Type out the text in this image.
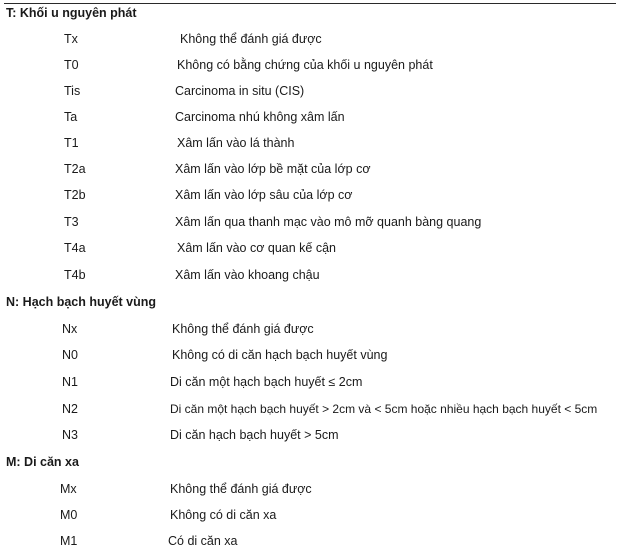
T: Khối u nguyên phát
Tx	Không thể đánh giá được
T0	Không có bằng chứng của khối u nguyên phát
Tis	Carcinoma in situ (CIS)
Ta	Carcinoma nhú không xâm lấn
T1	Xâm lấn vào lá thành
T2a	Xâm lấn vào lớp bề mặt của lớp cơ
T2b	Xâm lấn vào lớp sâu của lớp cơ
T3	Xâm lấn qua thanh mạc vào mô mỡ quanh bàng quang
T4a	Xâm lấn vào cơ quan kế cận
T4b	Xâm lấn vào khoang chậu
N: Hạch bạch huyết vùng
Nx	Không thể đánh giá được
N0	Không có di căn hạch bạch huyết vùng
N1	Di căn một hạch bạch huyết ≤ 2cm
N2	Di căn một hạch bạch huyết > 2cm và < 5cm hoặc nhiều hạch bạch huyết < 5cm
N3	Di căn hạch bạch huyết > 5cm
M: Di căn xa
Mx	Không thể đánh giá được
M0	Không có di căn xa
M1	Có di căn xa
